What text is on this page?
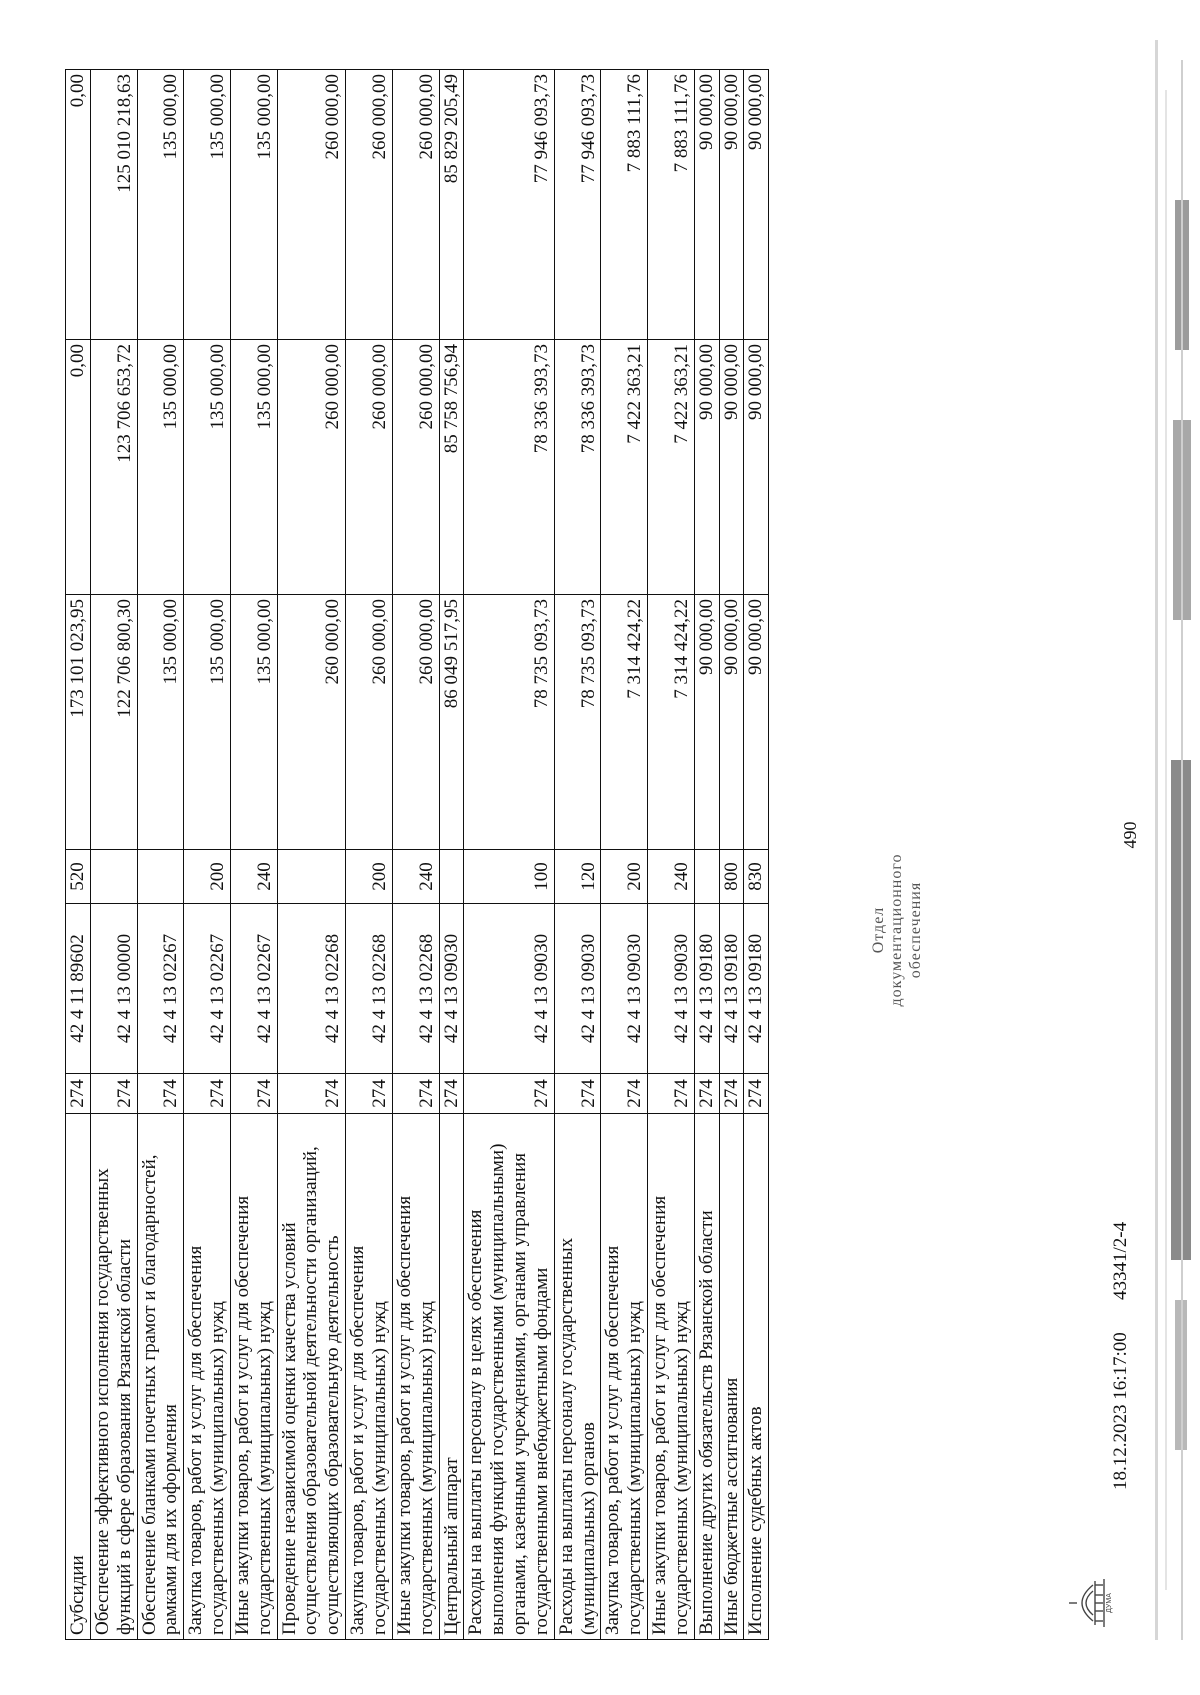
490
Субсидии	274	42 4 11 89602	520	173 101 023,95	0,00	0,00
Обеспечение эффективного исполнения государственных функций в сфере образования Рязанской области	274	42 4 13 00000		122 706 800,30	123 706 653,72	125 010 218,63
Обеспечение бланками почетных грамот и благодарностей, рамками для их оформления	274	42 4 13 02267		135 000,00	135 000,00	135 000,00
Закупка товаров, работ и услуг для обеспечения государственных (муниципальных) нужд	274	42 4 13 02267	200	135 000,00	135 000,00	135 000,00
Иные закупки товаров, работ и услуг для обеспечения государственных (муниципальных) нужд	274	42 4 13 02267	240	135 000,00	135 000,00	135 000,00
Проведение независимой оценки качества условий осуществления образовательной деятельности организаций, осуществляющих образовательную деятельность	274	42 4 13 02268		260 000,00	260 000,00	260 000,00
Закупка товаров, работ и услуг для обеспечения государственных (муниципальных) нужд	274	42 4 13 02268	200	260 000,00	260 000,00	260 000,00
Иные закупки товаров, работ и услуг для обеспечения государственных (муниципальных) нужд	274	42 4 13 02268	240	260 000,00	260 000,00	260 000,00
Центральный аппарат	274	42 4 13 09030		86 049 517,95	85 758 756,94	85 829 205,49
Расходы на выплаты персоналу в целях обеспечения выполнения функций государственными (муниципальными) органами, казенными учреждениями, органами управления государственными внебюджетными фондами	274	42 4 13 09030	100	78 735 093,73	78 336 393,73	77 946 093,73
Расходы на выплаты персоналу государственных (муниципальных) органов	274	42 4 13 09030	120	78 735 093,73	78 336 393,73	77 946 093,73
Закупка товаров, работ и услуг для обеспечения государственных (муниципальных) нужд	274	42 4 13 09030	200	7 314 424,22	7 422 363,21	7 883 111,76
Иные закупки товаров, работ и услуг для обеспечения государственных (муниципальных) нужд	274	42 4 13 09030	240	7 314 424,22	7 422 363,21	7 883 111,76
Выполнение других обязательств Рязанской области	274	42 4 13 09180		90 000,00	90 000,00	90 000,00
Иные бюджетные ассигнования	274	42 4 13 09180	800	90 000,00	90 000,00	90 000,00
Исполнение судебных актов	274	42 4 13 09180	830	90 000,00	90 000,00	90 000,00
ДУМА
18.12.2023 16:17:00
43341/2-4
Отдел документационного обеспечения
